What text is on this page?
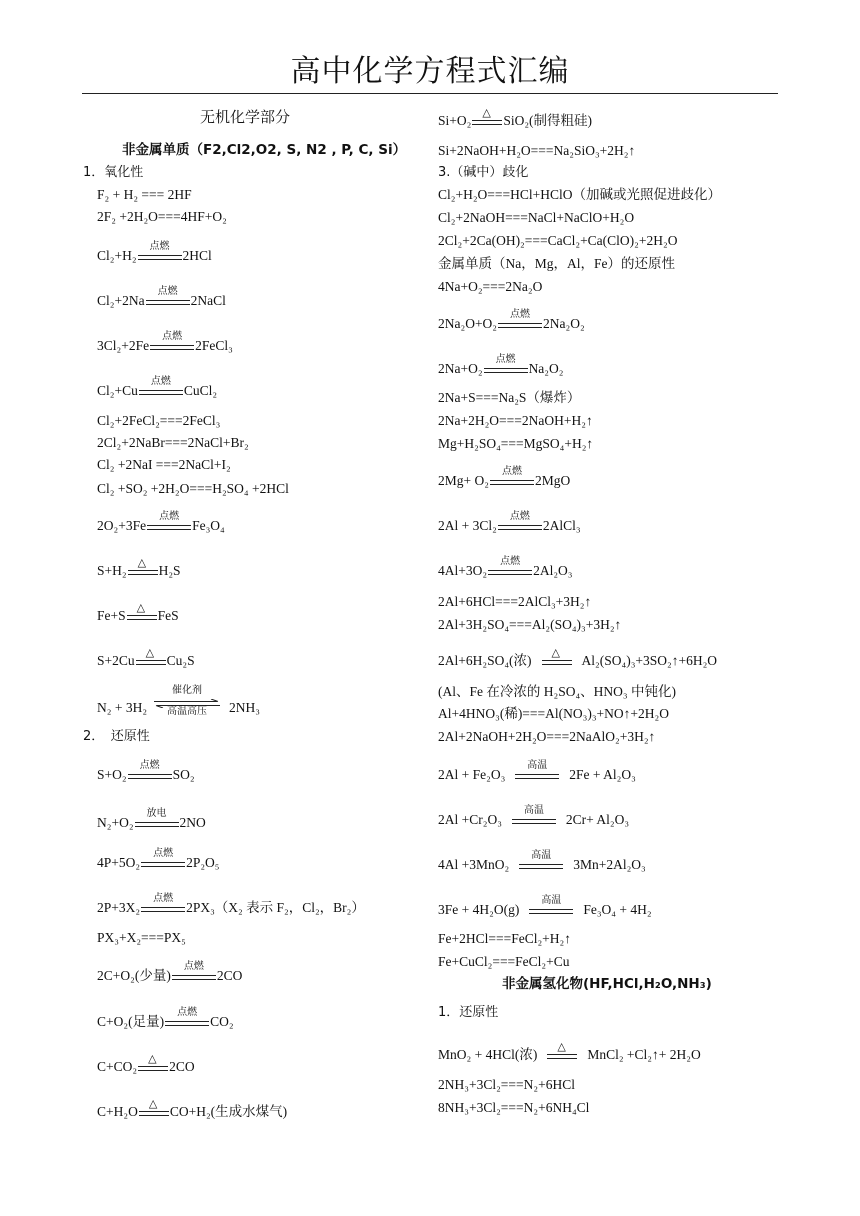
高中化学方程式汇编
无机化学部分
非金属单质（F2,Cl2,O2, S, N2 , P, C, Si）
1．氧化性
F₂ + H₂ === 2HF
2F₂ +2H₂O===4HF+O₂
Cl₂+H₂
点燃
2HCl
Cl₂+2Na
点燃
2NaCl
3Cl₂+2Fe
点燃
2FeCl₃
Cl₂+Cu
点燃
CuCl₂
Cl₂+2FeCl₂===2FeCl₃
2Cl₂+2NaBr===2NaCl+Br₂
Cl₂ +2NaI ===2NaCl+I₂
Cl₂ +SO₂ +2H₂O===H₂SO₄ +2HCl
2O₂+3Fe
点燃
Fe₃O₄
S+H₂
△
H₂S
Fe+S
△
FeS
S+2Cu
△
Cu₂S
N₂ + 3H₂
催化剂
高温高压	2NH₃
2．　还原性
S+O₂
点燃
SO₂
N₂+O₂
放电
2NO
4P+5O₂
点燃
2P₂O₅
2P+3X₂
点燃
2PX₃（X₂ 表示 F₂，Cl₂，Br₂）
PX₃+X₂===PX₅
2C+O₂(少量)
点燃
2CO
C+O₂(足量)
点燃
CO₂
C+CO₂
△
2CO
C+H₂O
△
CO+H₂(生成水煤气)
Si+O₂
△
SiO₂(制得粗硅)
Si+2NaOH+H₂O===Na₂SiO₃+2H₂↑
3.（碱中）歧化
Cl₂+H₂O===HCl+HClO（加碱或光照促进歧化）
Cl₂+2NaOH===NaCl+NaClO+H₂O
2Cl₂+2Ca(OH)₂===CaCl₂+Ca(ClO)₂+2H₂O
金属单质（Na，Mg，Al，Fe）的还原性
4Na+O₂===2Na₂O
2Na₂O+O₂
点燃
2Na₂O₂
2Na+O₂
点燃
Na₂O₂
2Na+S===Na₂S（爆炸）
2Na+2H₂O===2NaOH+H₂↑
Mg+H₂SO₄===MgSO₄+H₂↑
2Mg+ O₂
点燃
2MgO
2Al + 3Cl₂
点燃
2AlCl₃
4Al+3O₂
点燃
2Al₂O₃
2Al+6HCl===2AlCl₃+3H₂↑
2Al+3H₂SO₄===Al₂(SO₄)₃+3H₂↑
2Al+6H₂SO₄(浓)
△
Al₂(SO₄)₃+3SO₂↑+6H₂O
(Al、Fe 在冷浓的 H₂SO₄、HNO₃ 中钝化)
Al+4HNO₃(稀)===Al(NO₃)₃+NO↑+2H₂O
2Al+2NaOH+2H₂O===2NaAlO₂+3H₂↑
2Al + Fe₂O₃
高温
2Fe + Al₂O₃
2Al +Cr₂O₃
高温
2Cr+ Al₂O₃
4Al +3MnO₂
高温
3Mn+2Al₂O₃
3Fe + 4H₂O(g)
高温
Fe₃O₄ + 4H₂
Fe+2HCl===FeCl₂+H₂↑
Fe+CuCl₂===FeCl₂+Cu
非金属氢化物(HF,HCl,H₂O,NH₃)
1．还原性
MnO₂ + 4HCl(浓)
△
MnCl₂ +Cl₂↑+ 2H₂O
2NH₃+3Cl₂===N₂+6HCl
8NH₃+3Cl₂===N₂+6NH₄Cl
